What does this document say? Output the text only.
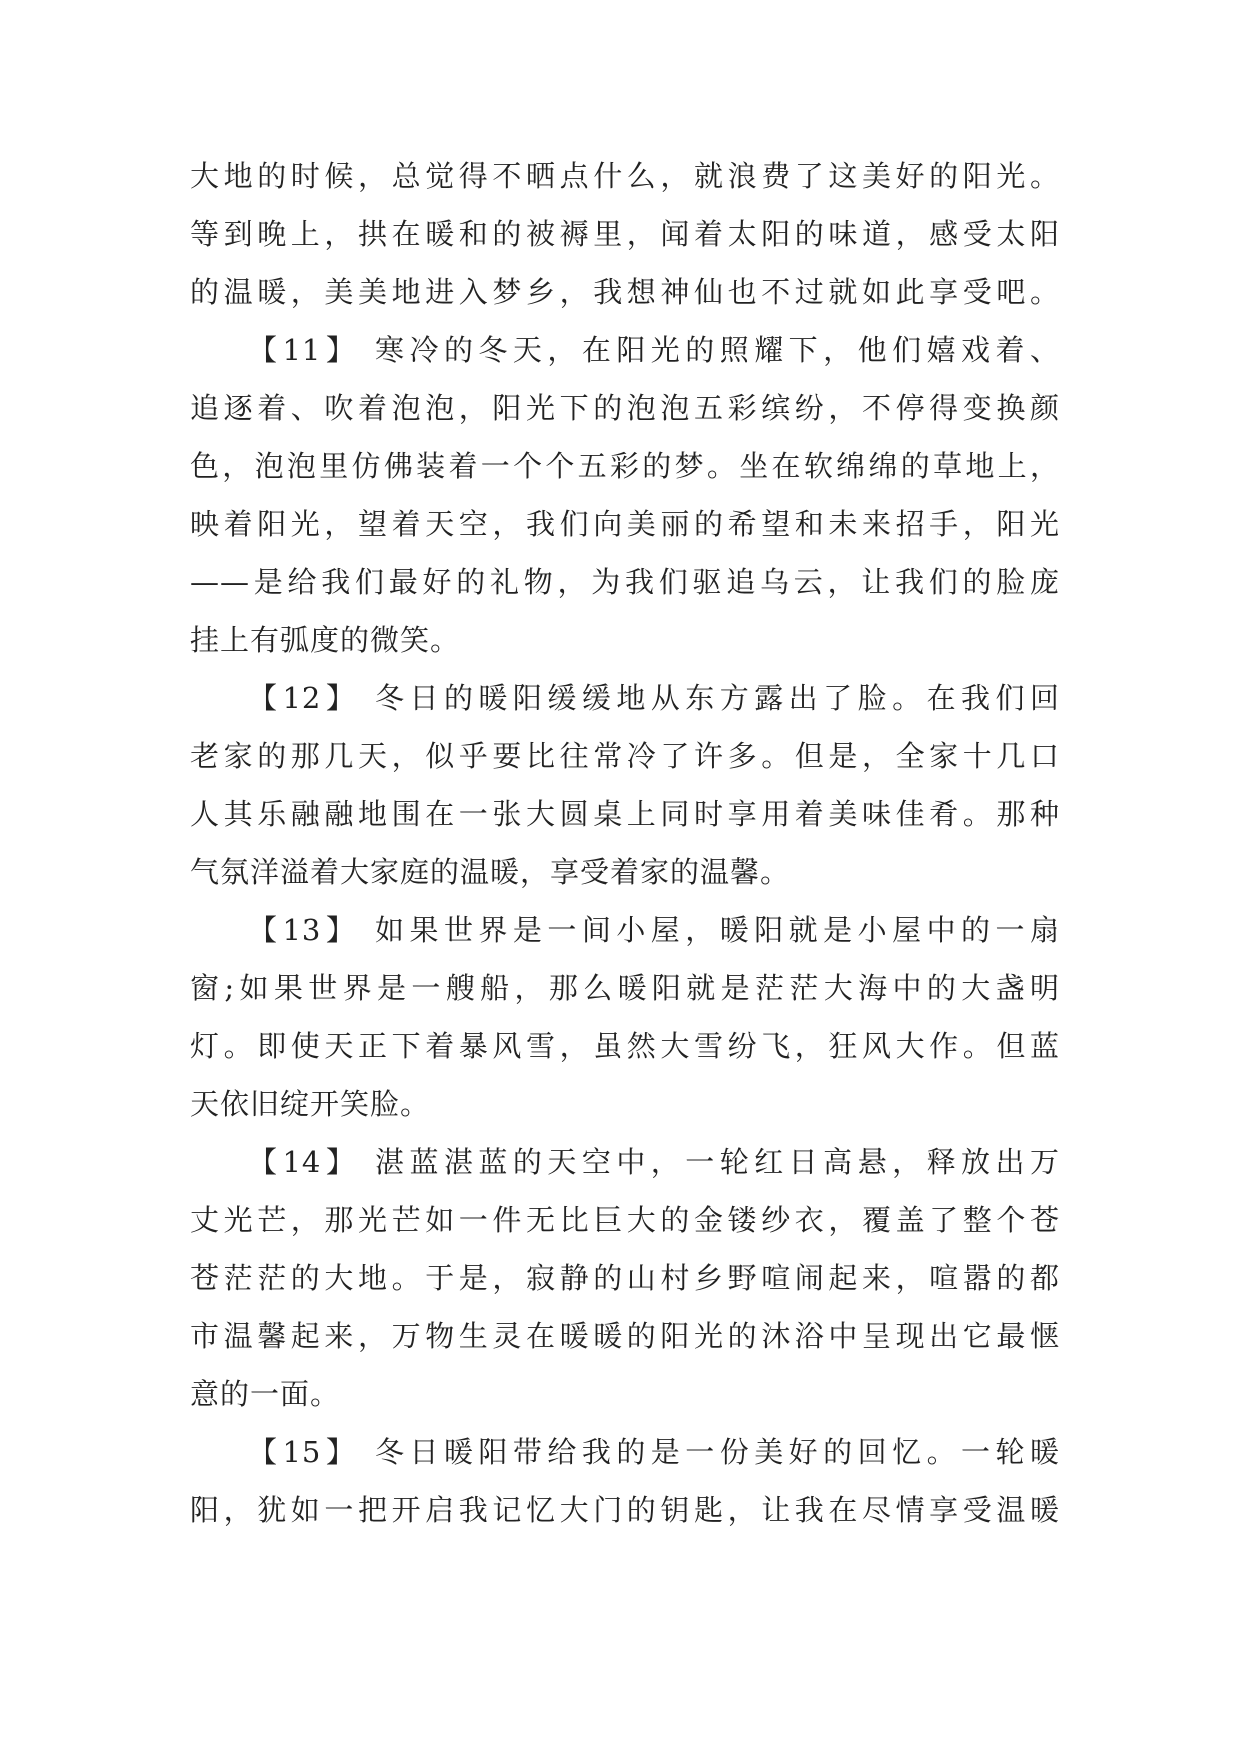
大地的时候，总觉得不晒点什么，就浪费了这美好的阳光。
等到晚上，拱在暖和的被褥里，闻着太阳的味道，感受太阳
的温暖，美美地进入梦乡，我想神仙也不过就如此享受吧。
【11】 寒冷的冬天，在阳光的照耀下，他们嬉戏着、
追逐着、吹着泡泡，阳光下的泡泡五彩缤纷，不停得变换颜
色，泡泡里仿佛装着一个个五彩的梦。坐在软绵绵的草地上，
映着阳光，望着天空，我们向美丽的希望和未来招手，阳光
——是给我们最好的礼物，为我们驱追乌云，让我们的脸庞
挂上有弧度的微笑。
【12】 冬日的暖阳缓缓地从东方露出了脸。在我们回
老家的那几天，似乎要比往常冷了许多。但是，全家十几口
人其乐融融地围在一张大圆桌上同时享用着美味佳肴。那种
气氛洋溢着大家庭的温暖，享受着家的温馨。
【13】 如果世界是一间小屋，暖阳就是小屋中的一扇
窗;如果世界是一艘船，那么暖阳就是茫茫大海中的大盏明
灯。即使天正下着暴风雪，虽然大雪纷飞，狂风大作。但蓝
天依旧绽开笑脸。
【14】 湛蓝湛蓝的天空中，一轮红日高悬，释放出万
丈光芒，那光芒如一件无比巨大的金镂纱衣，覆盖了整个苍
苍茫茫的大地。于是，寂静的山村乡野喧闹起来，喧嚣的都
市温馨起来，万物生灵在暖暖的阳光的沐浴中呈现出它最惬
意的一面。
【15】 冬日暖阳带给我的是一份美好的回忆。一轮暖
阳，犹如一把开启我记忆大门的钥匙，让我在尽情享受温暖
